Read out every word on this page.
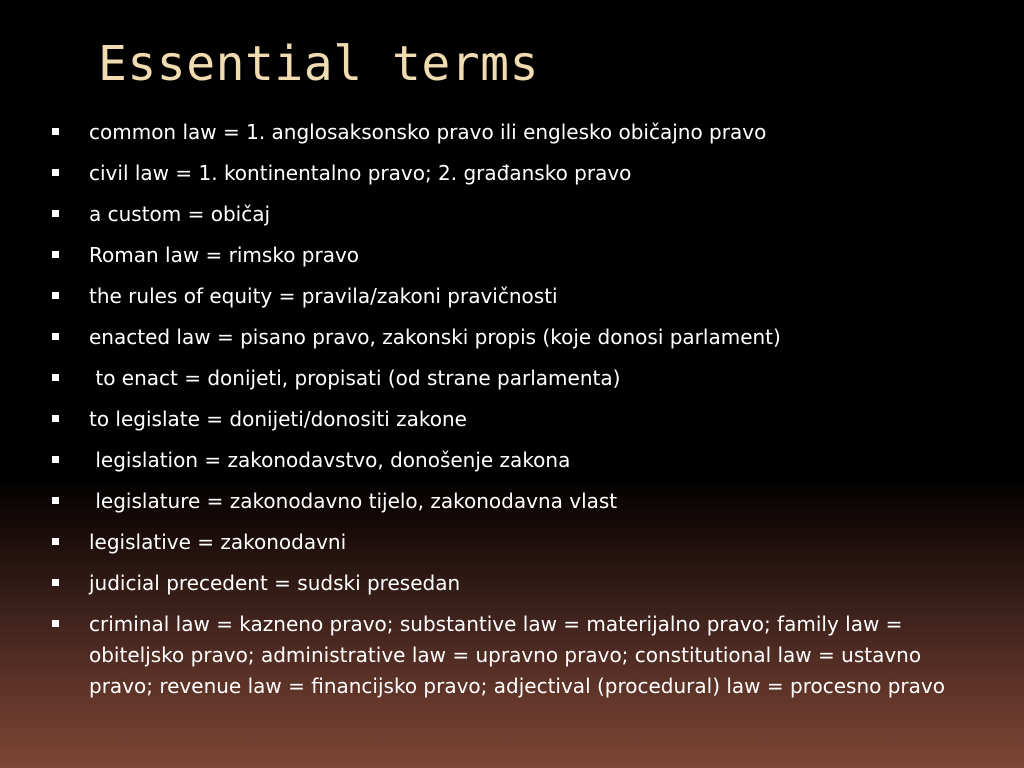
Essential terms
common law = 1. anglosaksonsko pravo ili englesko običajno pravo
civil law = 1. kontinentalno pravo; 2. građansko pravo
a custom = običaj
Roman law = rimsko pravo
the rules of equity = pravila/zakoni pravičnosti
enacted law = pisano pravo, zakonski propis (koje donosi parlament)
to enact = donijeti, propisati (od strane parlamenta)
to legislate = donijeti/donositi zakone
legislation = zakonodavstvo, donošenje zakona
legislature = zakonodavno tijelo, zakonodavna vlast
legislative = zakonodavni
judicial precedent = sudski presedan
criminal law = kazneno pravo; substantive law = materijalno pravo; family law = obiteljsko pravo; administrative law = upravno pravo; constitutional law = ustavno pravo; revenue law = financijsko pravo; adjectival (procedural) law = procesno pravo
